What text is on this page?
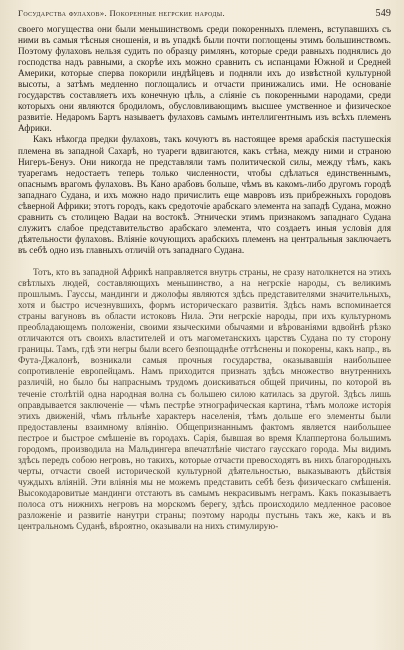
Государства фулахов». Покоренные негрские народы.	549

своего могущества они были меньшинствомъ среди покоренныхъ племенъ, вступавшихъ съ ними въ самыя тѣсныя сношенія, и въ упадкѣ были почти поглощены этимъ большинствомъ. Поэтому фулаховъ нельзя судить по образцу римлянъ, которые среди равныхъ поднялись до господства надъ равными, а скорѣе ихъ можно сравнить съ испанцами Южной и Средней Америки, которые сперва покорили индѣйцевъ и подняли ихъ до извѣстной культурной высоты, а затѣмъ медленно поглощались и отчасти принижались ими. Не основаніе государствъ составляетъ ихъ конечную цѣль, а сліяніе съ покоренными народами, среди которыхъ они являются бродиломъ, обусловливающимъ высшее умственное и физическое развитіе. Недаромъ Бартъ называетъ фулаховъ самымъ интеллигентнымъ изъ всѣхъ племенъ Африки.

Какъ нѣкогда предки фулаховъ, такъ кочуютъ въ настоящее время арабскія пастушескія племена въ западной Сахарѣ, но туареги вдвигаются, какъ стѣна, между ними и страною Нигеръ-Бенуэ. Они никогда не представляли тамъ политической силы, между тѣмъ, какъ туарегамъ недостаетъ теперь только численности, чтобы сдѣлаться единственнымъ, опаснымъ врагомъ фулаховъ. Въ Кано арабовъ больше, чѣмъ въ какомъ-либо другомъ городѣ западнаго Судана, и ихъ можно надо причислить еще мавровъ изъ прибрежныхъ городовъ сѣверной Африки; этотъ городъ, какъ средоточіе арабскаго элемента на западѣ Судана, можно сравнить съ столицею Вадаи на востокѣ. Этнически этимъ признакомъ западнаго Судана служитъ слабое представительство арабскаго элемента, что создаетъ иныя условія для дѣятельности фулаховъ. Вліяніе кочующихъ арабскихъ племенъ на центральныя заключаетъ въ себѣ одно изъ главныхъ отличій отъ западнаго Судана.

Тотъ, кто въ западной Африкѣ направляется внутрь страны, не сразу натолкнется на этихъ свѣтлыхъ людей, составляющихъ меньшинство, а на негрскіе народы, съ великимъ прошлымъ. Гауссы, мандинги и джолофы являются здѣсь представителями значительныхъ, хотя и быстро исчезнувшихъ, формъ историческаго развитія. Здѣсь намъ вспоминается страны вагуновъ въ области истоковъ Нила. Эти негрскіе народы, при ихъ культурномъ преобладающемъ положеніи, своими языческими обычаями и вѣрованіями вдвойнѣ рѣзко отличаются отъ своихъ властителей и отъ магометанскихъ царствъ Судана по ту сторону границы. Тамъ, гдѣ эти негры были всего безпощаднѣе оттѣснены и покорены, какъ напр., въ Фута-Джалонѣ, возникали самыя прочныя государства, оказывавшія наибольшее сопротивленіе европейцамъ. Намъ приходится признать здѣсь множество внутреннихъ различій, но было бы напраснымъ трудомъ доискиваться общей причины, по которой въ теченіе столѣтій одна народная волна съ большею силою катилась за другой. Здѣсь лишь оправдывается заключеніе — чѣмъ пестрѣе этнографическая картина, тѣмъ моложе исторія этихъ движеній, чѣмъ пѣльнѣе характеръ населенія, тѣмъ дольше его элементы были предоставлены взаимному вліянію. Общепризнаннымъ фактомъ является наибольшее пестрое и быстрое смѣшеніе въ городахъ. Сарія, бывшая во время Клаппертона большимъ городомъ, производила на Мальдингера впечатлѣніе чистаго гаусскаго города. Мы видимъ здѣсь передъ собою негровъ, но такихъ, которые отчасти превосходятъ въ нихъ благородныхъ черты, отчасти своей исторической культурной дѣятельностью, выказываютъ дѣйствія чуждыхъ вліяній. Эти вліянія мы не можемъ представить себѣ безъ физическаго смѣшенія. Высокодаровитые мандинги отстаютъ въ самымъ некрасивымъ неграмъ. Какъ показываетъ полоса отъ нижнихъ негровъ на морскомъ берегу, здѣсь происходило медленное расовое разложеніе и развитіе нанутри страны; поэтому народы пустынь такъ же, какъ и въ центральномъ Суданѣ, вѣроятно, оказывали на нихъ стимулирую-
